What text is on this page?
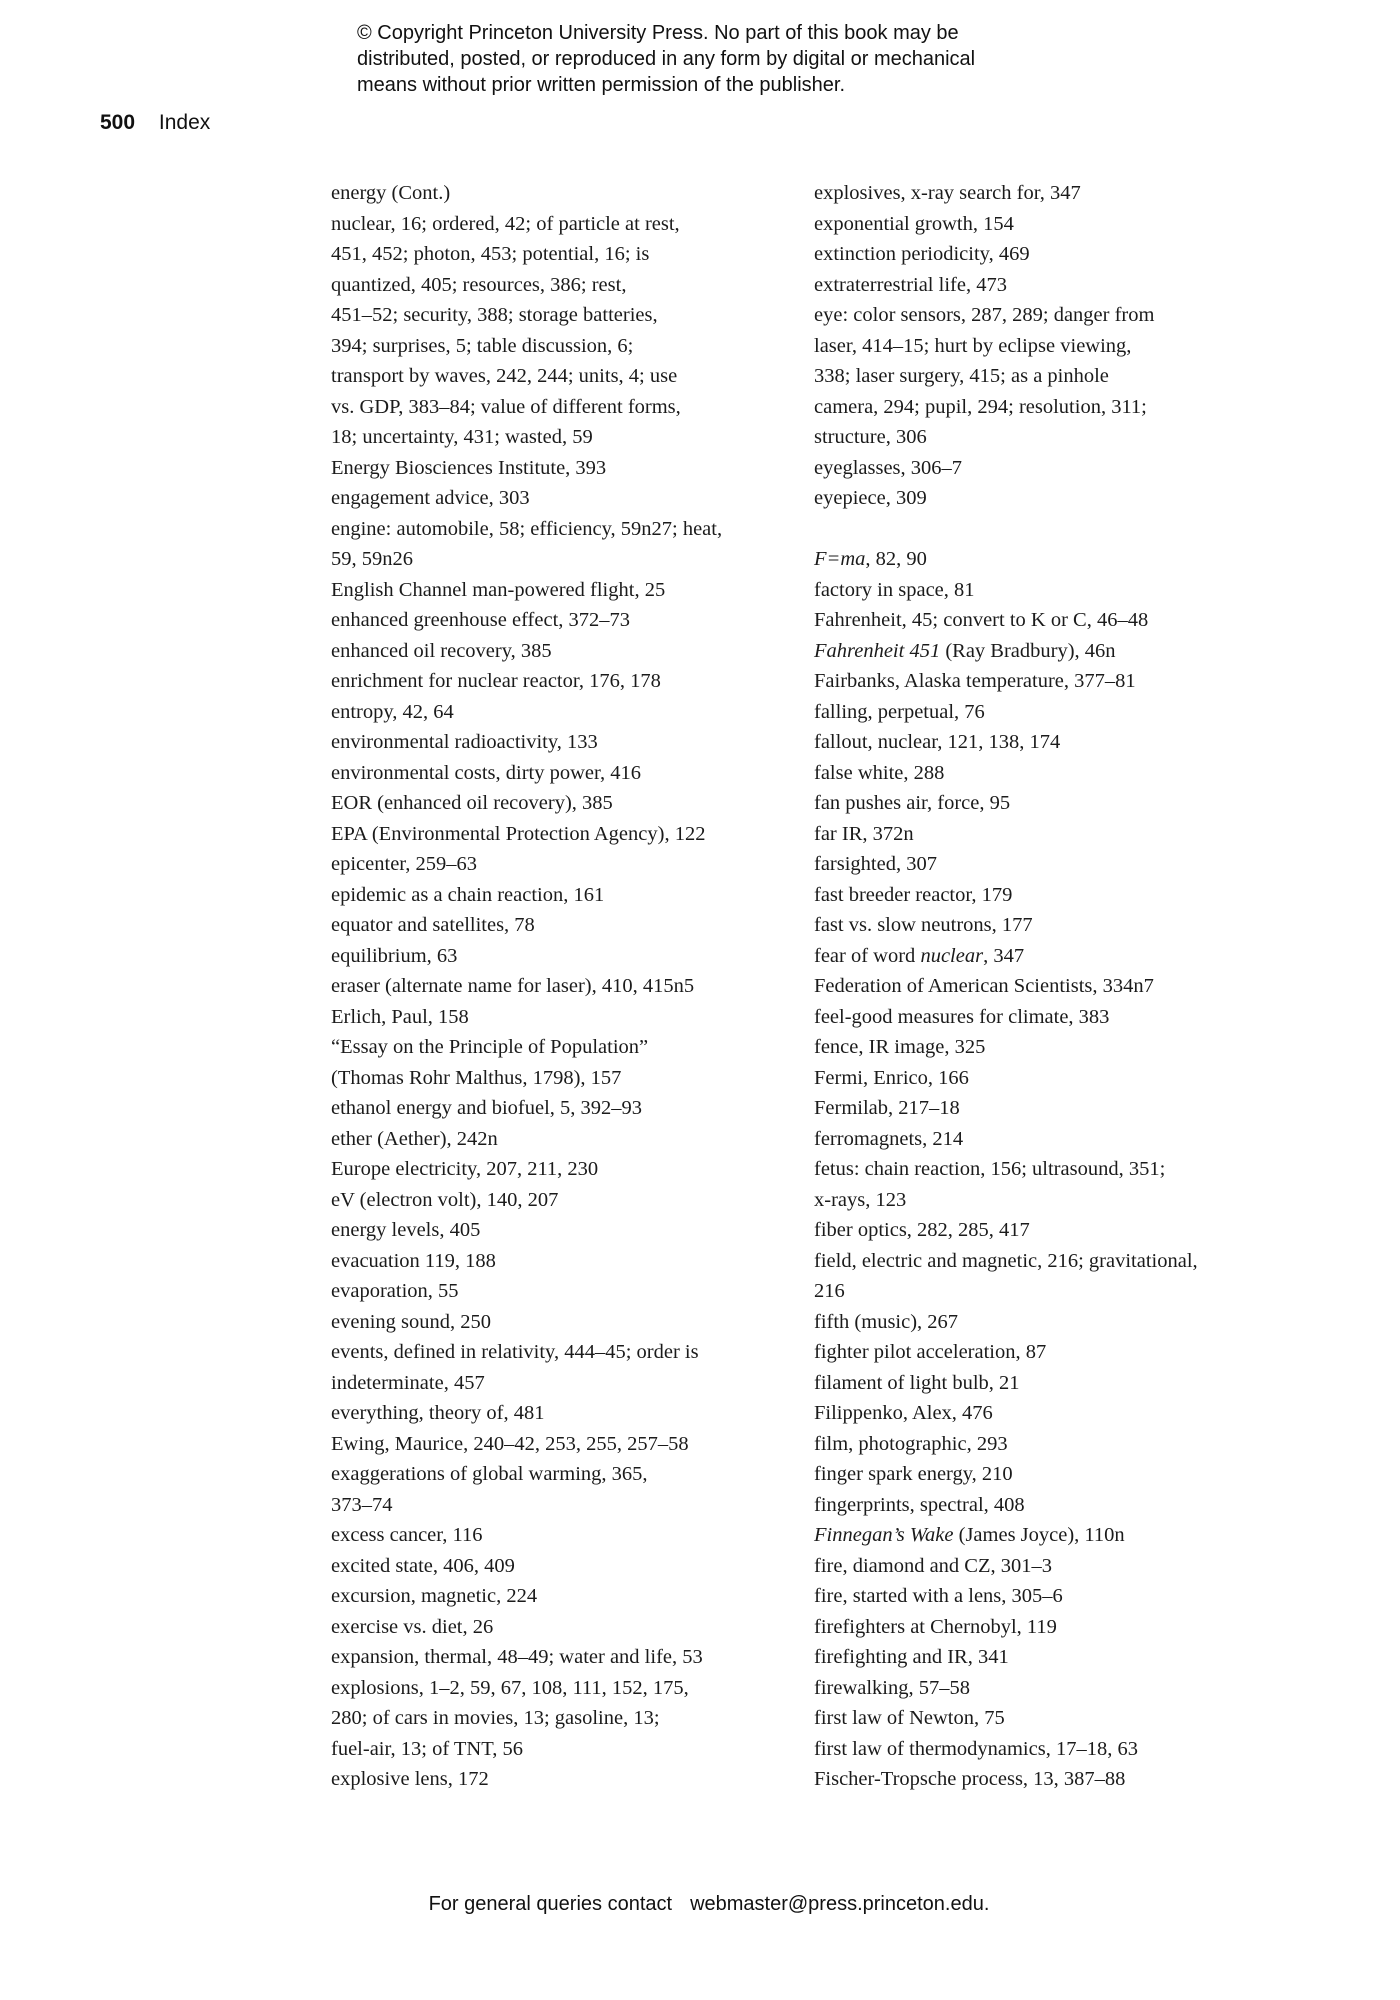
© Copyright Princeton University Press. No part of this book may be
distributed, posted, or reproduced in any form by digital or mechanical
means without prior written permission of the publisher.
500 Index
energy (Cont.)
nuclear, 16; ordered, 42; of particle at rest,
451, 452; photon, 453; potential, 16; is
quantized, 405; resources, 386; rest,
451–52; security, 388; storage batteries,
394; surprises, 5; table discussion, 6;
transport by waves, 242, 244; units, 4; use
vs. GDP, 383–84; value of different forms,
18; uncertainty, 431; wasted, 59
Energy Biosciences Institute, 393
engagement advice, 303
engine: automobile, 58; efficiency, 59n27; heat,
59, 59n26
English Channel man-powered flight, 25
enhanced greenhouse effect, 372–73
enhanced oil recovery, 385
enrichment for nuclear reactor, 176, 178
entropy, 42, 64
environmental radioactivity, 133
environmental costs, dirty power, 416
EOR (enhanced oil recovery), 385
EPA (Environmental Protection Agency), 122
epicenter, 259–63
epidemic as a chain reaction, 161
equator and satellites, 78
equilibrium, 63
eraser (alternate name for laser), 410, 415n5
Erlich, Paul, 158
“Essay on the Principle of Population”
(Thomas Rohr Malthus, 1798), 157
ethanol energy and biofuel, 5, 392–93
ether (Aether), 242n
Europe electricity, 207, 211, 230
eV (electron volt), 140, 207
energy levels, 405
evacuation 119, 188
evaporation, 55
evening sound, 250
events, defined in relativity, 444–45; order is
indeterminate, 457
everything, theory of, 481
Ewing, Maurice, 240–42, 253, 255, 257–58
exaggerations of global warming, 365,
373–74
excess cancer, 116
excited state, 406, 409
excursion, magnetic, 224
exercise vs. diet, 26
expansion, thermal, 48–49; water and life, 53
explosions, 1–2, 59, 67, 108, 111, 152, 175,
280; of cars in movies, 13; gasoline, 13;
fuel-air, 13; of TNT, 56
explosive lens, 172
explosives, x-ray search for, 347
exponential growth, 154
extinction periodicity, 469
extraterrestrial life, 473
eye: color sensors, 287, 289; danger from
laser, 414–15; hurt by eclipse viewing,
338; laser surgery, 415; as a pinhole
camera, 294; pupil, 294; resolution, 311;
structure, 306
eyeglasses, 306–7
eyepiece, 309
F=ma, 82, 90
factory in space, 81
Fahrenheit, 45; convert to K or C, 46–48
Fahrenheit 451 (Ray Bradbury), 46n
Fairbanks, Alaska temperature, 377–81
falling, perpetual, 76
fallout, nuclear, 121, 138, 174
false white, 288
fan pushes air, force, 95
far IR, 372n
farsighted, 307
fast breeder reactor, 179
fast vs. slow neutrons, 177
fear of word nuclear, 347
Federation of American Scientists, 334n7
feel-good measures for climate, 383
fence, IR image, 325
Fermi, Enrico, 166
Fermilab, 217–18
ferromagnets, 214
fetus: chain reaction, 156; ultrasound, 351;
x-rays, 123
fiber optics, 282, 285, 417
field, electric and magnetic, 216; gravitational,
216
fifth (music), 267
fighter pilot acceleration, 87
filament of light bulb, 21
Filippenko, Alex, 476
film, photographic, 293
finger spark energy, 210
fingerprints, spectral, 408
Finnegan’s Wake (James Joyce), 110n
fire, diamond and CZ, 301–3
fire, started with a lens, 305–6
firefighters at Chernobyl, 119
firefighting and IR, 341
firewalking, 57–58
first law of Newton, 75
first law of thermodynamics, 17–18, 63
Fischer-Tropsche process, 13, 387–88
For general queries contact webmaster@press.princeton.edu.
